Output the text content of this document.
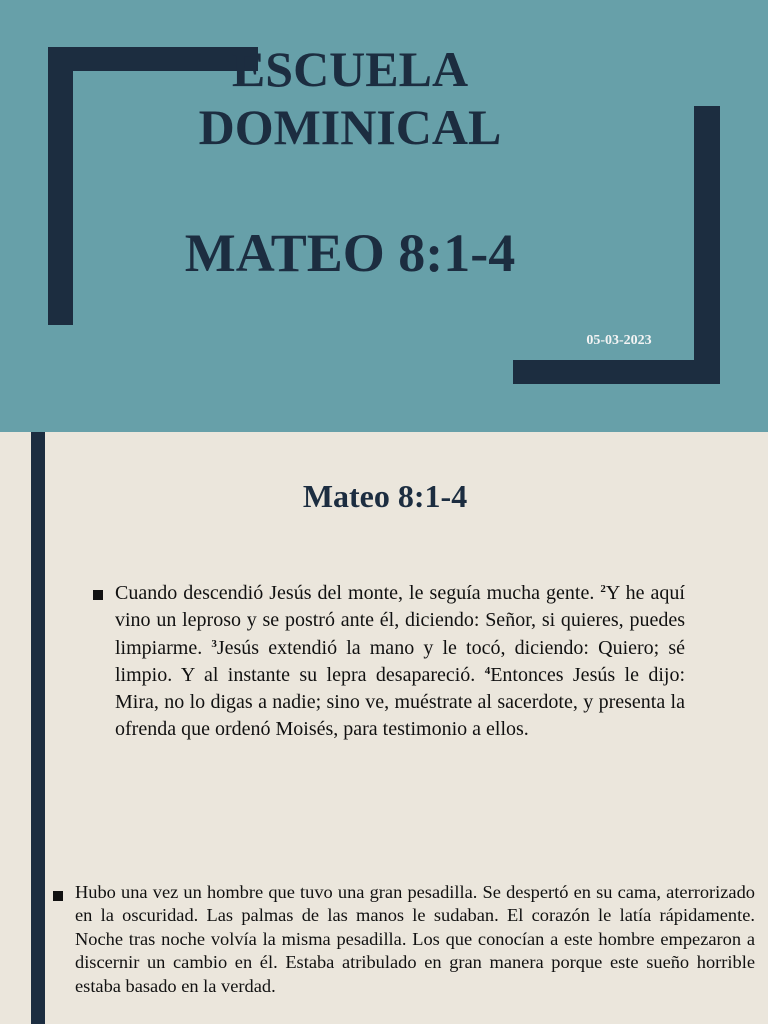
ESCUELA DOMINICAL
MATEO 8:1-4
05-03-2023
Mateo 8:1-4

Cuando descendió Jesús del monte, le seguía mucha gente. $^2$Y he aquí vino un leproso y se postró ante él, diciendo: Señor, si quieres, puedes limpiarme. $^3$Jesús extendió la mano y le tocó, diciendo: Quiero; sé limpio. Y al instante su lepra desapareció. $^4$Entonces Jesús le dijo: Mira, no lo digas a nadie; sino ve, muéstrate al sacerdote, y presenta la ofrenda que ordenó Moisés, para testimonio a ellos.

Hubo una vez un hombre que tuvo una gran pesadilla. Se despertó en su cama, aterrorizado en la oscuridad. Las palmas de las manos le sudaban. El corazón le latía rápidamente. Noche tras noche volvía la misma pesadilla. Los que conocían a este hombre empezaron a discernir un cambio en él. Estaba atribulado en gran manera porque este sueño horrible estaba basado en la verdad.
